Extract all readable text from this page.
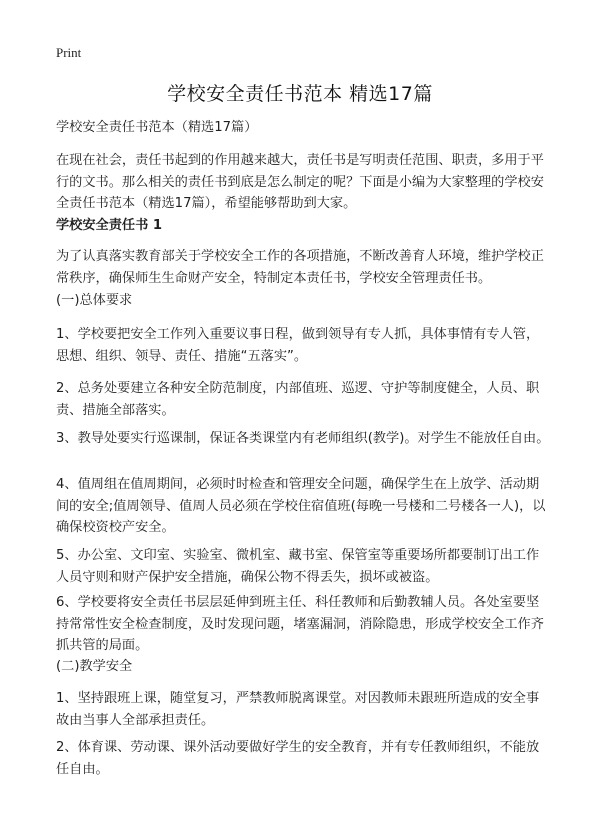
Print
学校安全责任书范本 精选17篇

学校安全责任书范本（精选17篇）

在现在社会，责任书起到的作用越来越大，责任书是写明责任范围、职责，多用于平行的文书。那么相关的责任书到底是怎么制定的呢？下面是小编为大家整理的学校安全责任书范本（精选17篇），希望能够帮助到大家。

学校安全责任书 1

为了认真落实教育部关于学校安全工作的各项措施，不断改善育人环境，维护学校正常秩序，确保师生生命财产安全，特制定本责任书，学校安全管理责任书。

(一)总体要求

1、学校要把安全工作列入重要议事日程，做到领导有专人抓，具体事情有专人管，思想、组织、领导、责任、措施“五落实”。

2、总务处要建立各种安全防范制度，内部值班、巡逻、守护等制度健全，人员、职责、措施全部落实。

3、教导处要实行巡课制，保证各类课堂内有老师组织(教学)。对学生不能放任自由。

4、值周组在值周期间，必须时时检查和管理安全问题，确保学生在上放学、活动期间的安全;值周领导、值周人员必须在学校住宿值班(每晚一号楼和二号楼各一人)，以确保校资校产安全。

5、办公室、文印室、实验室、微机室、藏书室、保管室等重要场所都要制订出工作人员守则和财产保护安全措施，确保公物不得丢失，损坏或被盗。

6、学校要将安全责任书层层延伸到班主任、科任教师和后勤教辅人员。各处室要坚持常常性安全检查制度，及时发现问题，堵塞漏洞，消除隐患，形成学校安全工作齐抓共管的局面。

(二)教学安全

1、坚持跟班上课，随堂复习，严禁教师脱离课堂。对因教师未跟班所造成的安全事故由当事人全部承担责任。

2、体育课、劳动课、课外活动要做好学生的安全教育，并有专任教师组织，不能放任自由。
